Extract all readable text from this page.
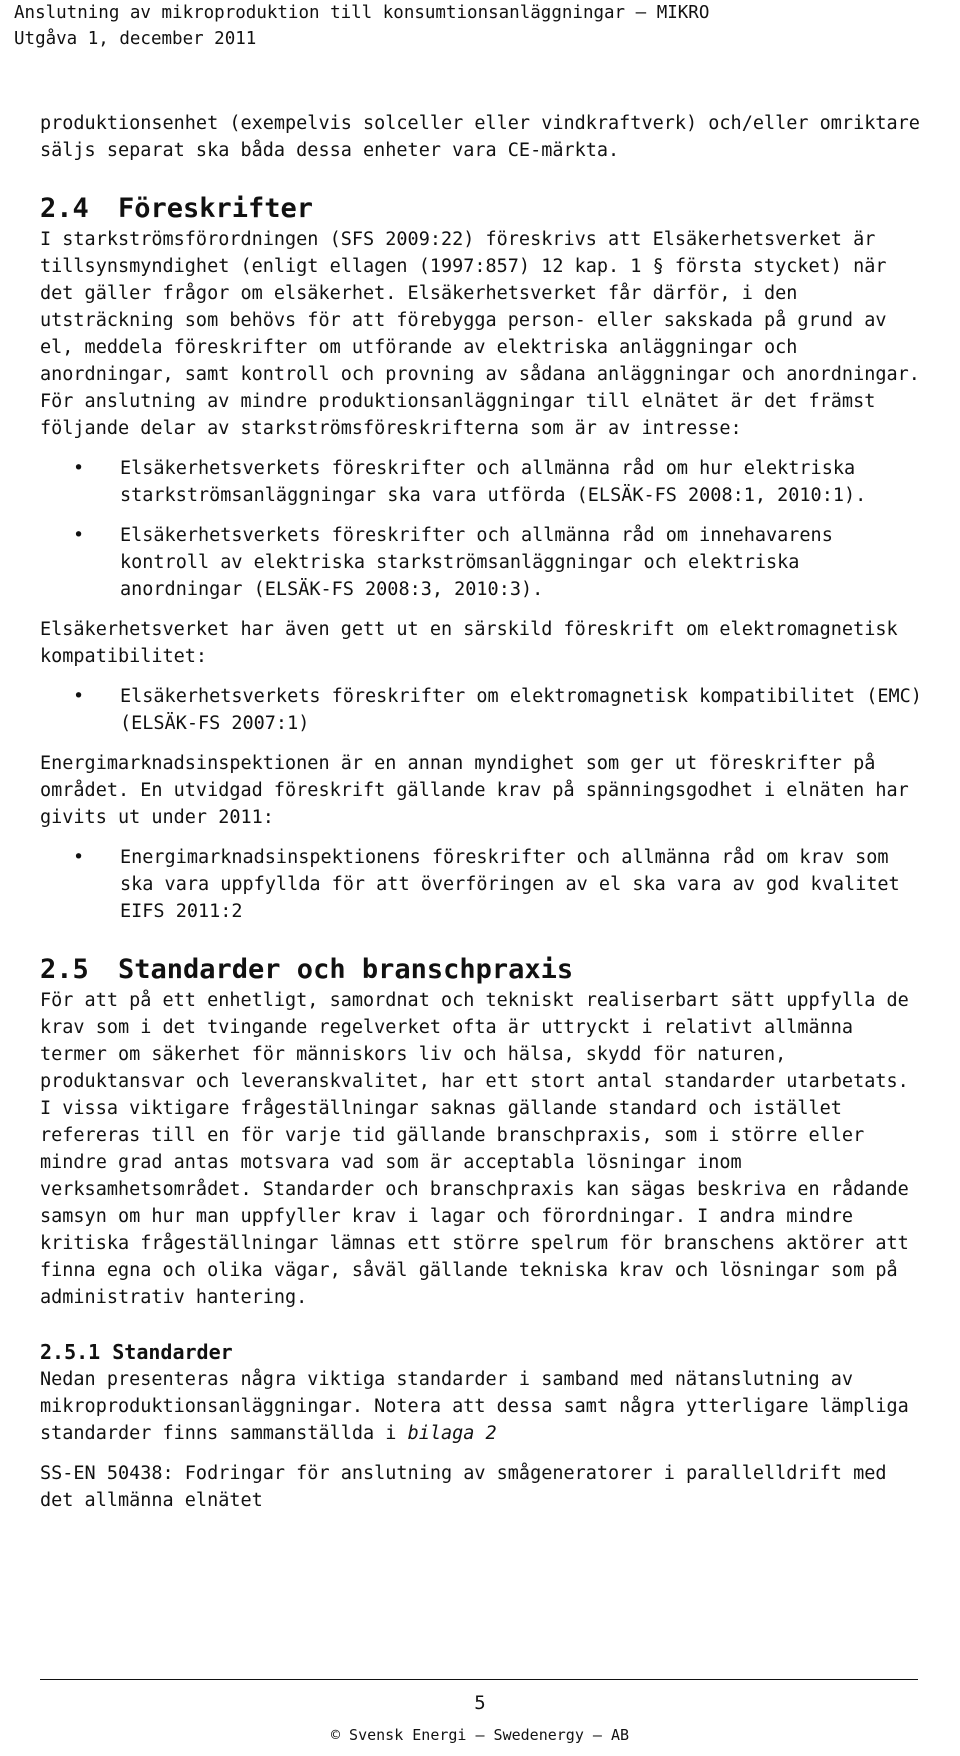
Anslutning av mikroproduktion till konsumtionsanläggningar – MIKRO
Utgåva 1, december 2011

produktionsenhet (exempelvis solceller eller vindkraftverk) och/eller omriktare säljs separat ska båda dessa enheter vara CE-märkta.

2.4 Föreskrifter

I starkströmsförordningen (SFS 2009:22) föreskrivs att Elsäkerhetsverket är tillsynsmyndighet (enligt ellagen (1997:857) 12 kap. 1 § första stycket) när det gäller frågor om elsäkerhet. Elsäkerhetsverket får därför, i den utsträckning som behövs för att förebygga person- eller sakskada på grund av el, meddela föreskrifter om utförande av elektriska anläggningar och anordningar, samt kontroll och provning av sådana anläggningar och anordningar. För anslutning av mindre produktionsanläggningar till elnätet är det främst följande delar av starkströmsföreskrifterna som är av intresse:

• Elsäkerhetsverkets föreskrifter och allmänna råd om hur elektriska starkströmsanläggningar ska vara utförda (ELSÄK-FS 2008:1, 2010:1).
• Elsäkerhetsverkets föreskrifter och allmänna råd om innehavarens kontroll av elektriska starkströmsanläggningar och elektriska anordningar (ELSÄK-FS 2008:3, 2010:3).

Elsäkerhetsverket har även gett ut en särskild föreskrift om elektromagnetisk kompatibilitet:

• Elsäkerhetsverkets föreskrifter om elektromagnetisk kompatibilitet (EMC) (ELSÄK-FS 2007:1)

Energimarknadsinspektionen är en annan myndighet som ger ut föreskrifter på området. En utvidgad föreskrift gällande krav på spänningsgodhet i elnäten har givits ut under 2011:

• Energimarknadsinspektionens föreskrifter och allmänna råd om krav som ska vara uppfyllda för att överföringen av el ska vara av god kvalitet EIFS 2011:2
2.5 Standarder och branschpraxis

För att på ett enhetligt, samordnat och tekniskt realiserbart sätt uppfylla de krav som i det tvingande regelverket ofta är uttryckt i relativt allmänna termer om säkerhet för människors liv och hälsa, skydd för naturen, produktansvar och leveranskvalitet, har ett stort antal standarder utarbetats. I vissa viktigare frågeställningar saknas gällande standard och istället refereras till en för varje tid gällande branschpraxis, som i större eller mindre grad antas motsvara vad som är acceptabla lösningar inom verksamhetsområdet. Standarder och branschpraxis kan sägas beskriva en rådande samsyn om hur man uppfyller krav i lagar och förordningar. I andra mindre kritiska frågeställningar lämnas ett större spelrum för branschens aktörer att finna egna och olika vägar, såväl gällande tekniska krav och lösningar som på administrativ hantering.

2.5.1 Standarder

Nedan presenteras några viktiga standarder i samband med nätanslutning av mikroproduktionsanläggningar. Notera att dessa samt några ytterligare lämpliga standarder finns sammanställda i bilaga 2

SS-EN 50438: Fodringar för anslutning av smågeneratorer i parallelldrift med det allmänna elnätet

5
© Svensk Energi – Swedenergy – AB
